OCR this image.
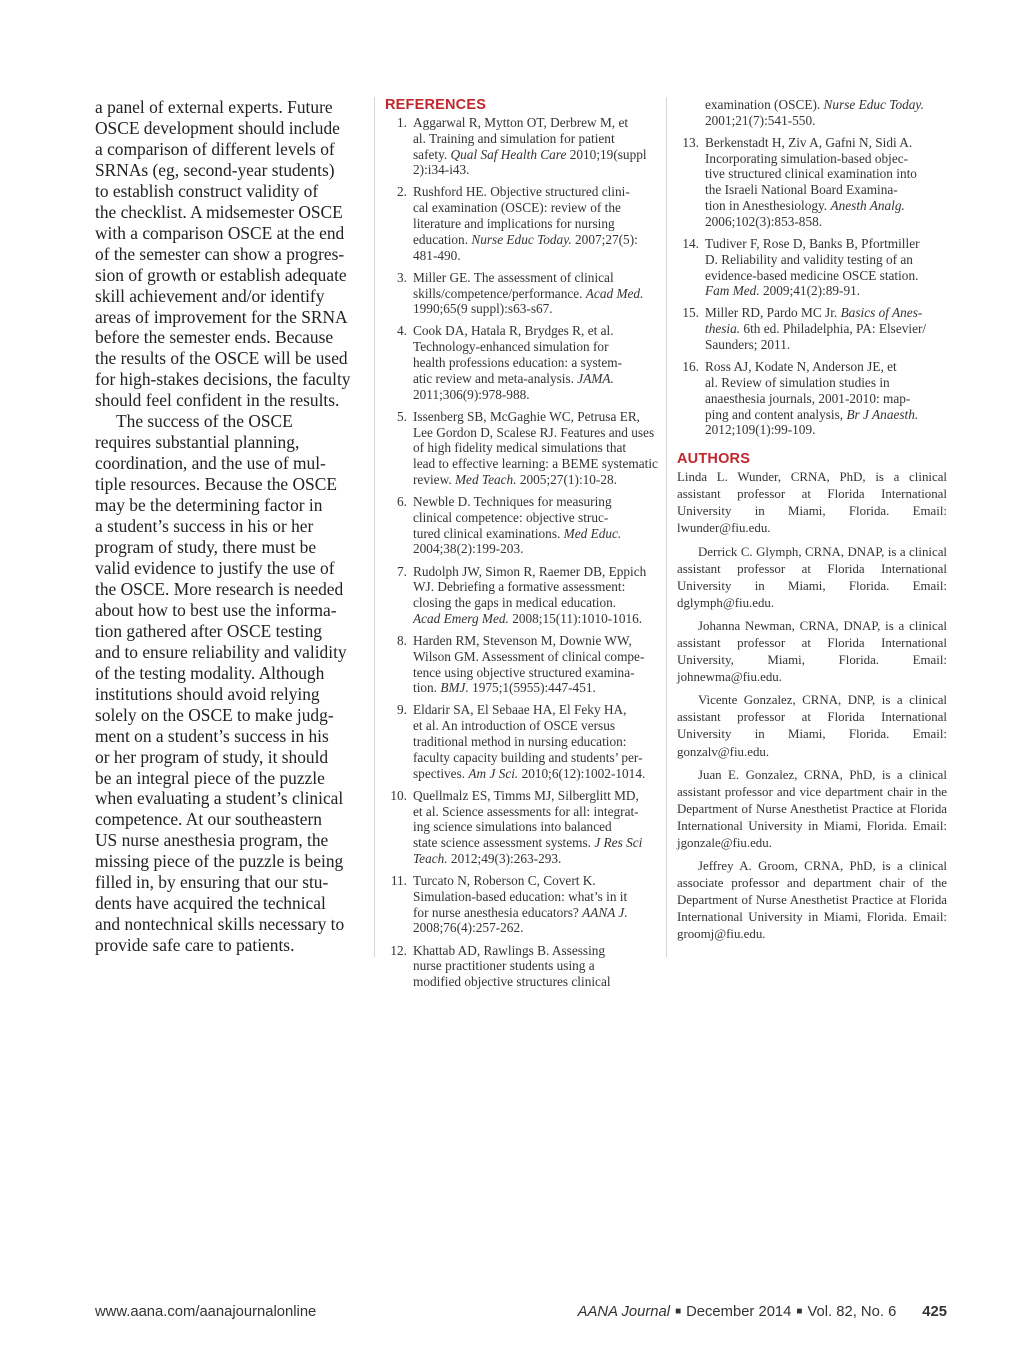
a panel of external experts. Future
OSCE development should include
a comparison of different levels of
SRNAs (eg, second-year students)
to establish construct validity of
the checklist. A midsemester OSCE
with a comparison OSCE at the end
of the semester can show a progres-
sion of growth or establish adequate
skill achievement and/or identify
areas of improvement for the SRNA
before the semester ends. Because
the results of the OSCE will be used
for high-stakes decisions, the faculty
should feel confident in the results.

The success of the OSCE
requires substantial planning,
coordination, and the use of mul-
tiple resources. Because the OSCE
may be the determining factor in
a student’s success in his or her
program of study, there must be
valid evidence to justify the use of
the OSCE. More research is needed
about how to best use the informa-
tion gathered after OSCE testing
and to ensure reliability and validity
of the testing modality. Although
institutions should avoid relying
solely on the OSCE to make judg-
ment on a student’s success in his
or her program of study, it should
be an integral piece of the puzzle
when evaluating a student’s clinical
competence. At our southeastern
US nurse anesthesia program, the
missing piece of the puzzle is being
filled in, by ensuring that our stu-
dents have acquired the technical
and nontechnical skills necessary to
provide safe care to patients.

REFERENCES
1. Aggarwal R, Mytton OT, Derbrew M, et
al. Training and simulation for patient
safety. Qual Saf Health Care 2010;19(suppl
2):i34-i43.
2. Rushford HE. Objective structured clini-
cal examination (OSCE): review of the
literature and implications for nursing
education. Nurse Educ Today. 2007;27(5):
481-490.
3. Miller GE. The assessment of clinical
skills/competence/performance. Acad Med.
1990;65(9 suppl):s63-s67.
4. Cook DA, Hatala R, Brydges R, et al.
Technology-enhanced simulation for
health professions education: a system-
atic review and meta-analysis. JAMA.
2011;306(9):978-988.
5. Issenberg SB, McGaghie WC, Petrusa ER,
Lee Gordon D, Scalese RJ. Features and uses
of high fidelity medical simulations that
lead to effective learning: a BEME systematic
review. Med Teach. 2005;27(1):10-28.
6. Newble D. Techniques for measuring
clinical competence: objective struc-
tured clinical examinations. Med Educ.
2004;38(2):199-203.
7. Rudolph JW, Simon R, Raemer DB, Eppich
WJ. Debriefing a formative assessment:
closing the gaps in medical education.
Acad Emerg Med. 2008;15(11):1010-1016.
8. Harden RM, Stevenson M, Downie WW,
Wilson GM. Assessment of clinical compe-
tence using objective structured examina-
tion. BMJ. 1975;1(5955):447-451.
9. Eldarir SA, El Sebaae HA, El Feky HA,
et al. An introduction of OSCE versus
traditional method in nursing education:
faculty capacity building and students’ per-
spectives. Am J Sci. 2010;6(12):1002-1014.
10. Quellmalz ES, Timms MJ, Silberglitt MD,
et al. Science assessments for all: integrat-
ing science simulations into balanced
state science assessment systems. J Res Sci
Teach. 2012;49(3):263-293.
11. Turcato N, Roberson C, Covert K.
Simulation-based education: what’s in it
for nurse anesthesia educators? AANA J.
2008;76(4):257-262.
12. Khattab AD, Rawlings B. Assessing
nurse practitioner students using a
modified objective structures clinical
examination (OSCE). Nurse Educ Today.
2001;21(7):541-550.
13. Berkenstadt H, Ziv A, Gafni N, Sidi A.
Incorporating simulation-based objec-
tive structured clinical examination into
the Israeli National Board Examina-
tion in Anesthesiology. Anesth Analg.
2006;102(3):853-858.
14. Tudiver F, Rose D, Banks B, Pfortmiller
D. Reliability and validity testing of an
evidence-based medicine OSCE station.
Fam Med. 2009;41(2):89-91.
15. Miller RD, Pardo MC Jr. Basics of Anes-
thesia. 6th ed. Philadelphia, PA: Elsevier/
Saunders; 2011.
16. Ross AJ, Kodate N, Anderson JE, et
al. Review of simulation studies in
anaesthesia journals, 2001-2010: map-
ping and content analysis, Br J Anaesth.
2012;109(1):99-109.
AUTHORS

Linda L. Wunder, CRNA, PhD, is a clinical assistant professor at Florida International University in Miami, Florida. Email: lwunder@fiu.edu.

Derrick C. Glymph, CRNA, DNAP, is a clinical assistant professor at Florida International University in Miami, Florida. Email: dglymph@fiu.edu.

Johanna Newman, CRNA, DNAP, is a clinical assistant professor at Florida International University, Miami, Florida. Email: johnewma@fiu.edu.

Vicente Gonzalez, CRNA, DNP, is a clinical assistant professor at Florida International University in Miami, Florida. Email: gonzalv@fiu.edu.

Juan E. Gonzalez, CRNA, PhD, is a clinical assistant professor and vice department chair in the Department of Nurse Anesthetist Practice at Florida International University in Miami, Florida. Email: jgonzale@fiu.edu.

Jeffrey A. Groom, CRNA, PhD, is a clinical associate professor and department chair of the Department of Nurse Anesthetist Practice at Florida International University in Miami, Florida. Email: groomj@fiu.edu.

www.aana.com/aanajournalonline	AANA Journal ■ December 2014 ■ Vol. 82, No. 6 425
